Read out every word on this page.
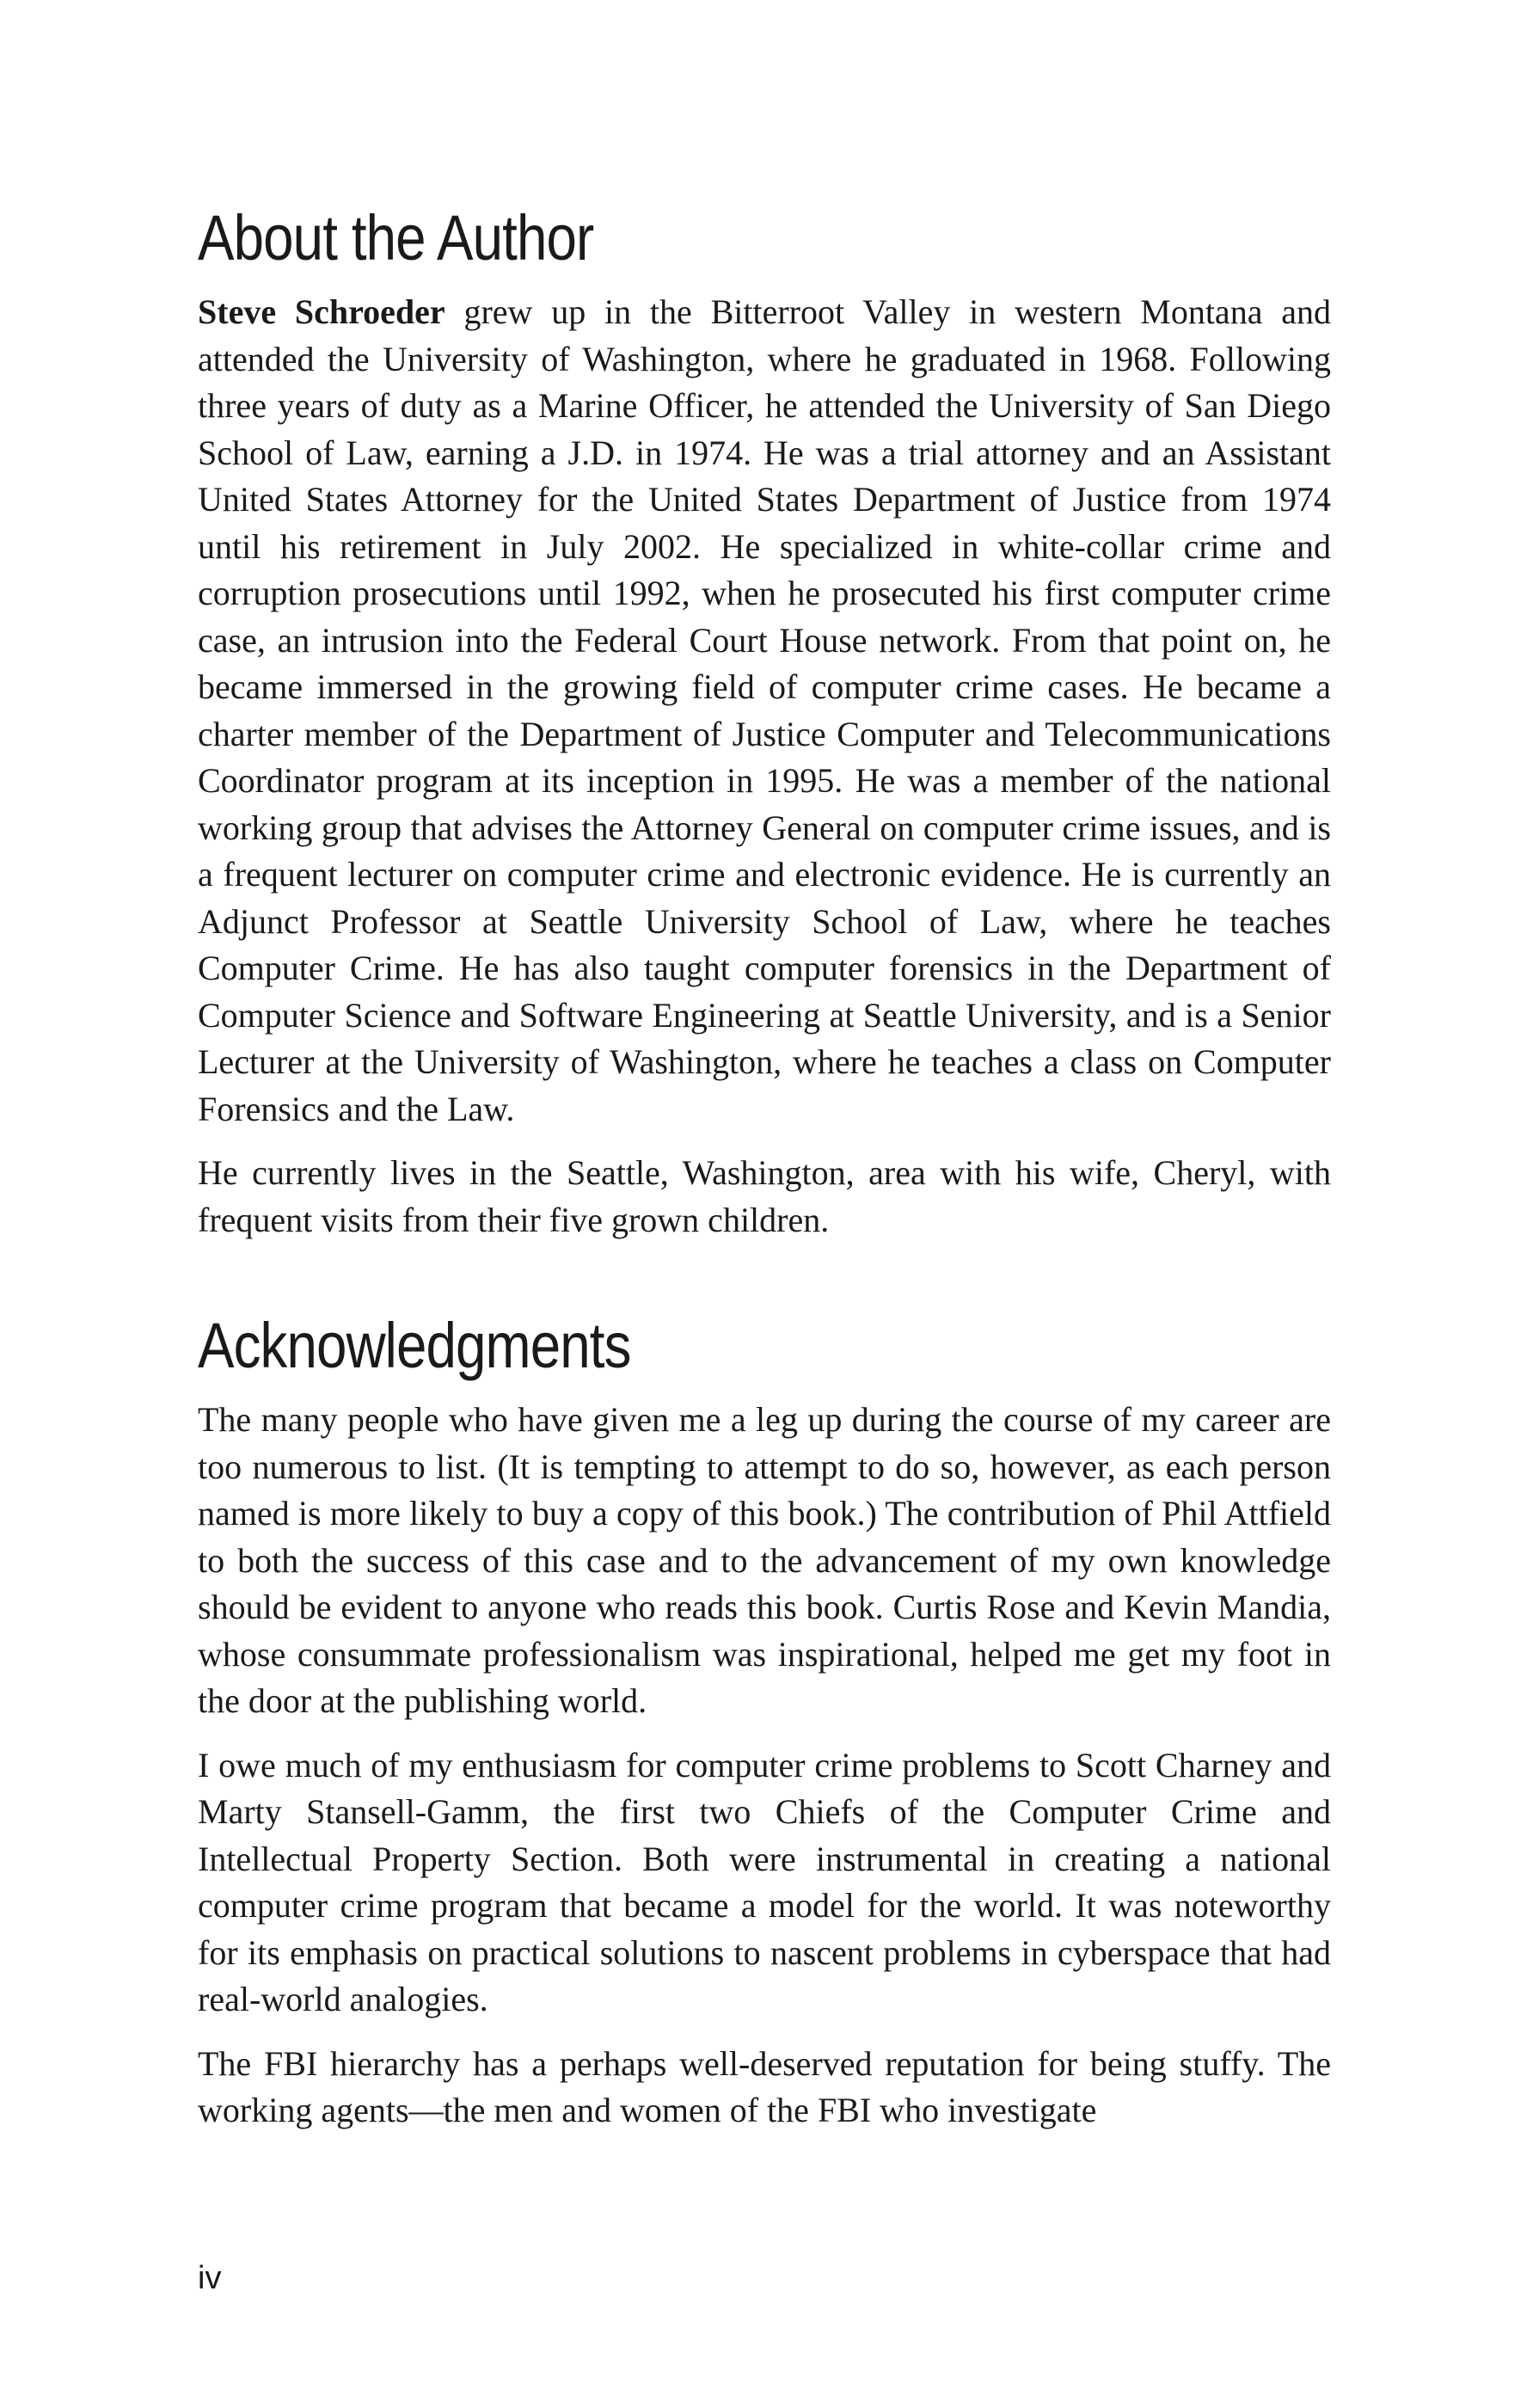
About the Author

Steve Schroeder grew up in the Bitterroot Valley in western Montana and attended the University of Washington, where he graduated in 1968. Following three years of duty as a Marine Officer, he attended the University of San Diego School of Law, earning a J.D. in 1974. He was a trial attorney and an Assistant United States Attorney for the United States Department of Justice from 1974 until his retirement in July 2002. He specialized in white-collar crime and corruption prosecutions until 1992, when he prosecuted his first computer crime case, an intrusion into the Federal Court House network. From that point on, he became immersed in the growing field of computer crime cases. He became a charter member of the Department of Justice Computer and Telecommunications Coordinator program at its inception in 1995. He was a member of the national working group that advises the Attorney General on computer crime issues, and is a frequent lecturer on computer crime and electronic evidence. He is currently an Adjunct Professor at Seattle University School of Law, where he teaches Computer Crime. He has also taught computer forensics in the Department of Computer Science and Software Engineering at Seattle University, and is a Senior Lecturer at the University of Washington, where he teaches a class on Computer Forensics and the Law.

He currently lives in the Seattle, Washington, area with his wife, Cheryl, with frequent visits from their five grown children.

Acknowledgments

The many people who have given me a leg up during the course of my career are too numerous to list. (It is tempting to attempt to do so, however, as each person named is more likely to buy a copy of this book.) The contribution of Phil Attfield to both the success of this case and to the advancement of my own knowledge should be evident to anyone who reads this book. Curtis Rose and Kevin Mandia, whose consummate professionalism was inspirational, helped me get my foot in the door at the publishing world.

I owe much of my enthusiasm for computer crime problems to Scott Charney and Marty Stansell-Gamm, the first two Chiefs of the Computer Crime and Intellectual Property Section. Both were instrumental in creating a national computer crime program that became a model for the world. It was noteworthy for its emphasis on practical solutions to nascent problems in cyberspace that had real-world analogies.

The FBI hierarchy has a perhaps well-deserved reputation for being stuffy. The working agents—the men and women of the FBI who investigate

iv
